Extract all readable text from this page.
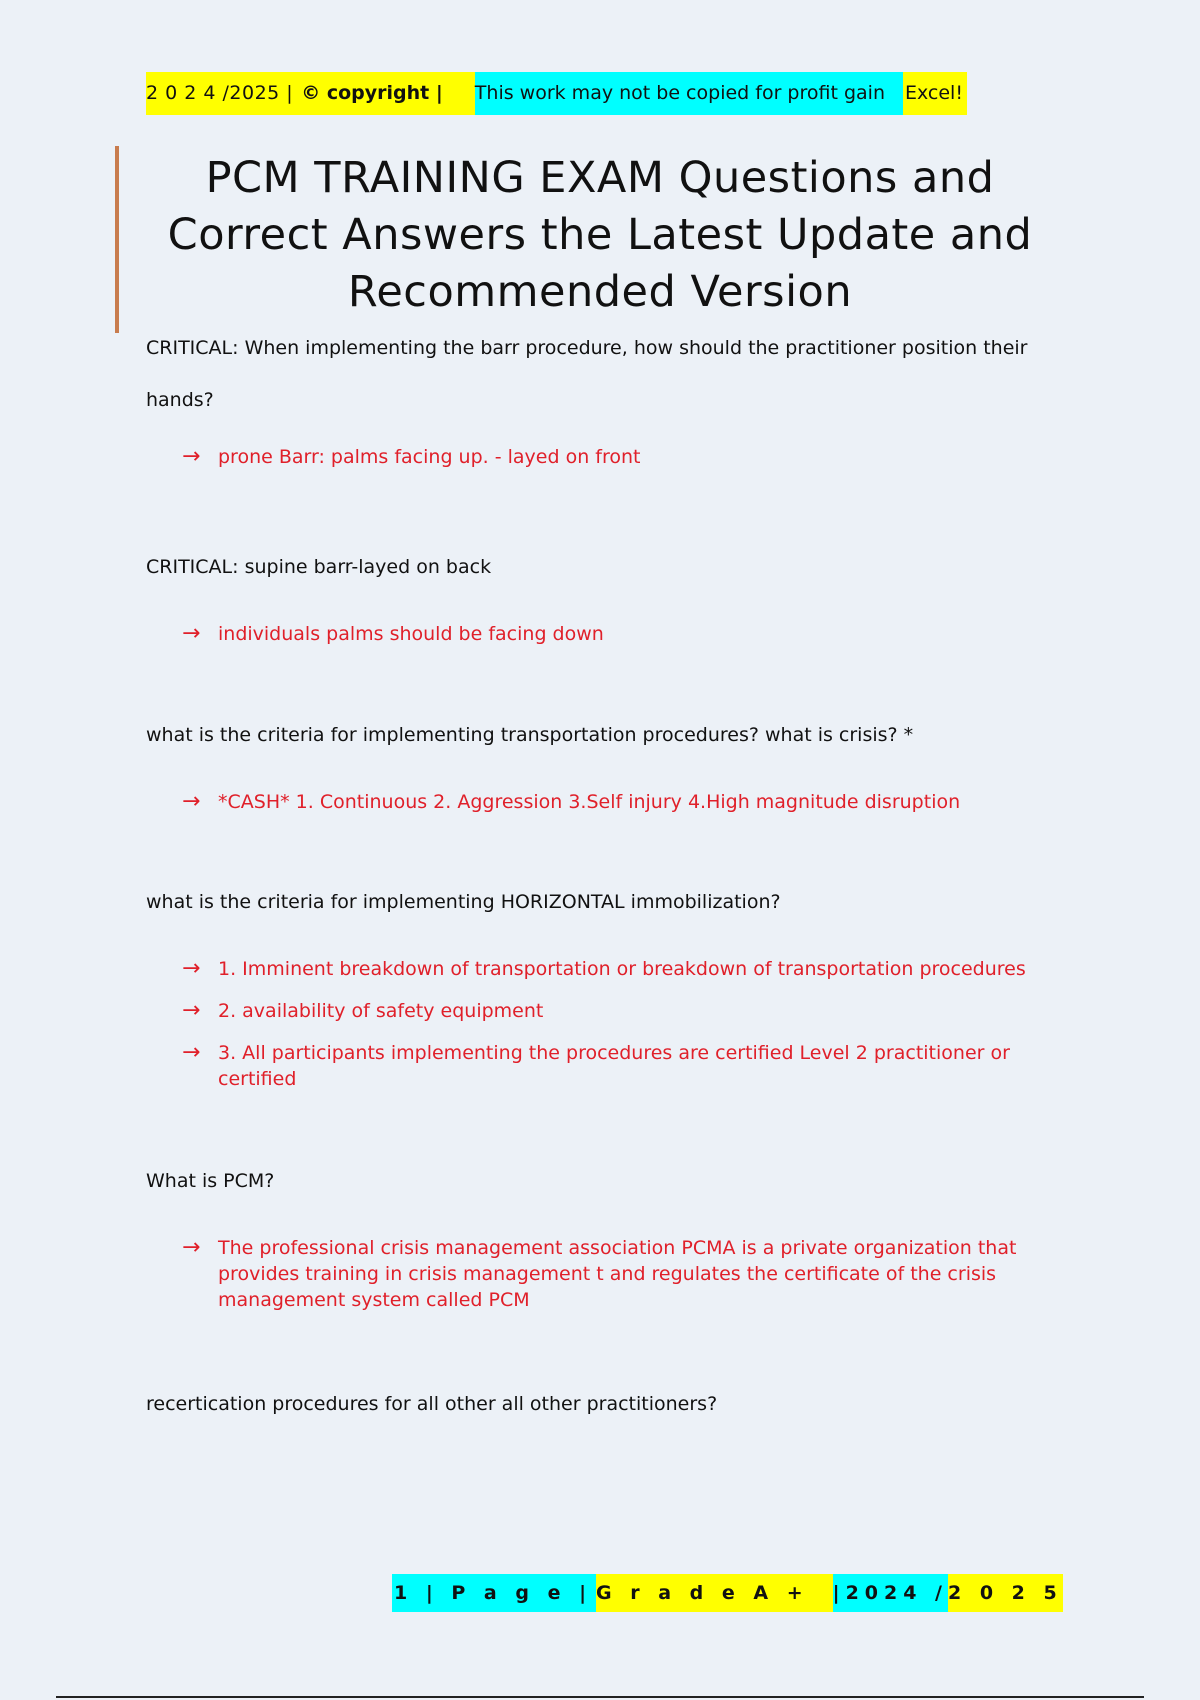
2 0 2 4 /2025 | © copyright |	This work may not be copied for profit gain	Excel!
PCM TRAINING EXAM Questions and Correct Answers the Latest Update and Recommended Version

CRITICAL: When implementing the barr procedure, how should the practitioner position their hands?

→ prone Barr: palms facing up. - layed on front

CRITICAL: supine barr-layed on back

→ individuals palms should be facing down

what is the criteria for implementing transportation procedures? what is crisis? *

→ *CASH* 1. Continuous 2. Aggression 3.Self injury 4.High magnitude disruption

what is the criteria for implementing HORIZONTAL immobilization?

→ 1. Imminent breakdown of transportation or breakdown of transportation procedures
→ 2. availability of safety equipment
→ 3. All participants implementing the procedures are certified Level 2 practitioner or certified

What is PCM?

→ The professional crisis management association PCMA is a private organization that provides training in crisis management t and regulates the certificate of the crisis management system called PCM

recertication procedures for all other all other practitioners?

1 | P a g e | G r a d e A +	|2024 / 2 0 2 5
